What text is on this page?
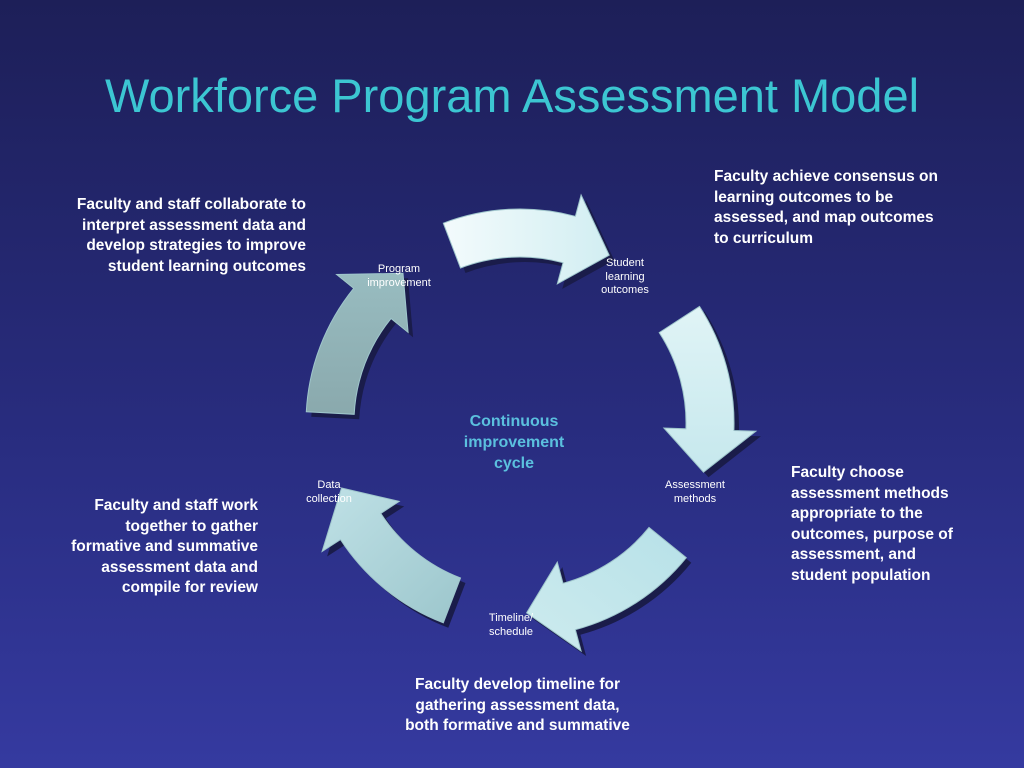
Workforce Program Assessment Model
Student
learning
outcomes
Assessment
methods
Timeline/
schedule
Data
collection
Program
improvement
Continuous
improvement
cycle
Faculty achieve consensus on
learning outcomes to be
assessed, and map outcomes
to curriculum
Faculty choose
assessment methods
appropriate to the
outcomes, purpose of
assessment, and
student population
Faculty develop timeline for
gathering assessment data,
both formative and summative
Faculty and staff work
together to gather
formative and summative
assessment data and
compile for review
Faculty and staff collaborate to
interpret assessment data and
develop strategies to improve
student learning outcomes
